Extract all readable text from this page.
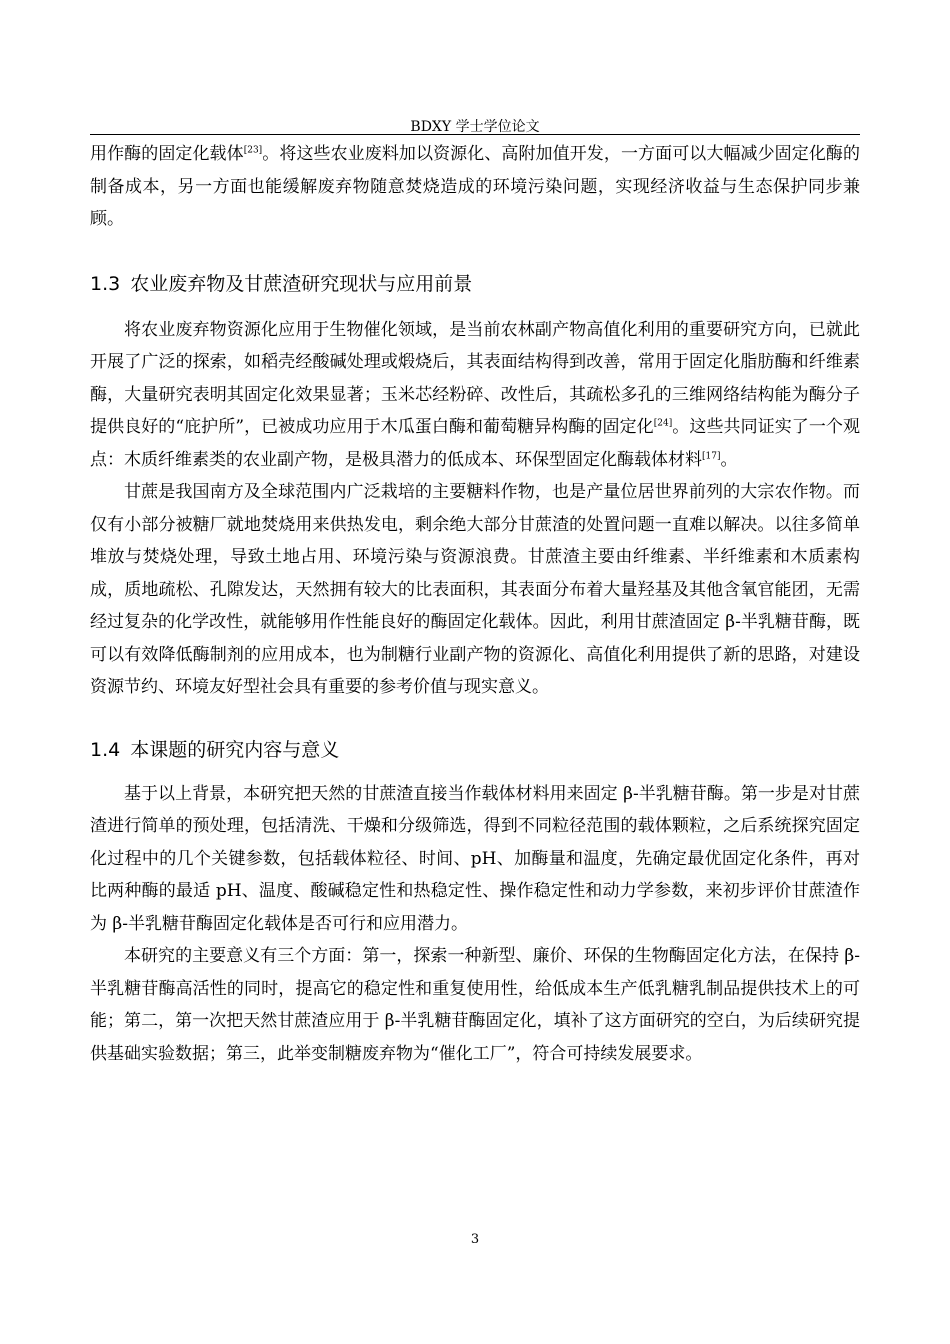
BDXY 学士学位论文

用作酶的固定化载体[23]。将这些农业废料加以资源化、高附加值开发，一方面可以大幅减少固定化酶的制备成本，另一方面也能缓解废弃物随意焚烧造成的环境污染问题，实现经济收益与生态保护同步兼顾。

1.3 农业废弃物及甘蔗渣研究现状与应用前景

将农业废弃物资源化应用于生物催化领域，是当前农林副产物高值化利用的重要研究方向，已就此开展了广泛的探索，如稻壳经酸碱处理或煅烧后，其表面结构得到改善，常用于固定化脂肪酶和纤维素酶，大量研究表明其固定化效果显著；玉米芯经粉碎、改性后，其疏松多孔的三维网络结构能为酶分子提供良好的“庇护所”，已被成功应用于木瓜蛋白酶和葡萄糖异构酶的固定化[24]。这些共同证实了一个观点：木质纤维素类的农业副产物，是极具潜力的低成本、环保型固定化酶载体材料[17]。

甘蔗是我国南方及全球范围内广泛栽培的主要糖料作物，也是产量位居世界前列的大宗农作物。而仅有小部分被糖厂就地焚烧用来供热发电，剩余绝大部分甘蔗渣的处置问题一直难以解决。以往多简单堆放与焚烧处理，导致土地占用、环境污染与资源浪费。甘蔗渣主要由纤维素、半纤维素和木质素构成，质地疏松、孔隙发达，天然拥有较大的比表面积，其表面分布着大量羟基及其他含氧官能团，无需经过复杂的化学改性，就能够用作性能良好的酶固定化载体。因此，利用甘蔗渣固定 β-半乳糖苷酶，既可以有效降低酶制剂的应用成本，也为制糖行业副产物的资源化、高值化利用提供了新的思路，对建设资源节约、环境友好型社会具有重要的参考价值与现实意义。

1.4 本课题的研究内容与意义

基于以上背景，本研究把天然的甘蔗渣直接当作载体材料用来固定 β-半乳糖苷酶。第一步是对甘蔗渣进行简单的预处理，包括清洗、干燥和分级筛选，得到不同粒径范围的载体颗粒，之后系统探究固定化过程中的几个关键参数，包括载体粒径、时间、pH、加酶量和温度，先确定最优固定化条件，再对比两种酶的最适 pH、温度、酸碱稳定性和热稳定性、操作稳定性和动力学参数，来初步评价甘蔗渣作为 β-半乳糖苷酶固定化载体是否可行和应用潜力。

本研究的主要意义有三个方面：第一，探索一种新型、廉价、环保的生物酶固定化方法，在保持 β-半乳糖苷酶高活性的同时，提高它的稳定性和重复使用性，给低成本生产低乳糖乳制品提供技术上的可能；第二，第一次把天然甘蔗渣应用于 β-半乳糖苷酶固定化，填补了这方面研究的空白，为后续研究提供基础实验数据；第三，此举变制糖废弃物为“催化工厂”，符合可持续发展要求。

3
